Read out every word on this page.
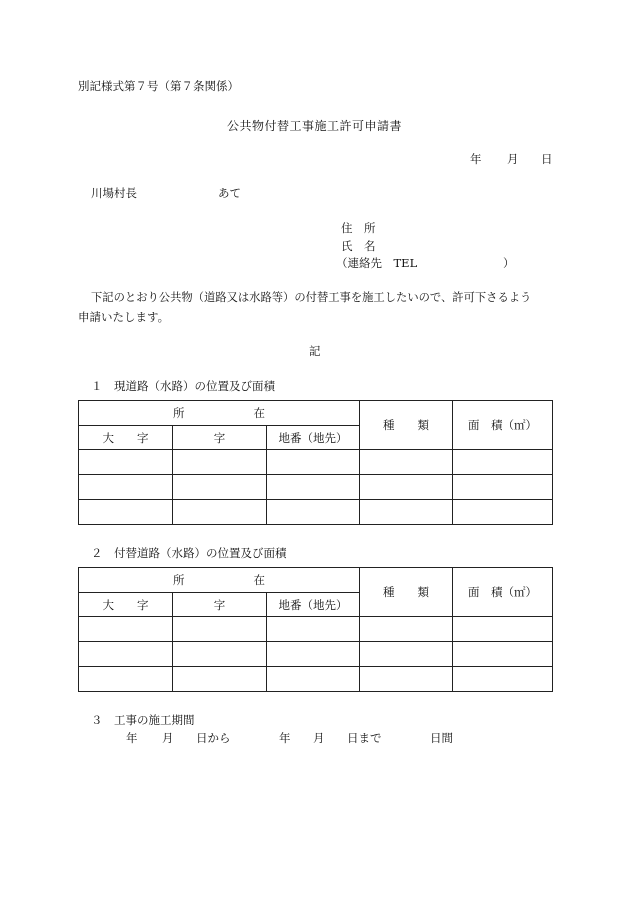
別記様式第７号（第７条関係）
公共物付替工事施工許可申請書
年 月 日
川場村長	あて
住　所
氏　名
（連絡先　TEL	）
下記のとおり公共物（道路又は水路等）の付替工事を施工したいので、許可下さるよう
申請いたします。
記
１　現道路（水路）の位置及び面積
所　　　　　　在			種　　類	面　積（㎡）
大　　字	字	地番（地先）		

２　付替道路（水路）の位置及び面積
所　　　　　　在			種　　類	面　積（㎡）
大　　字	字	地番（地先）		

３　工事の施工期間
年 月 日から	年 月 日まで	日間
